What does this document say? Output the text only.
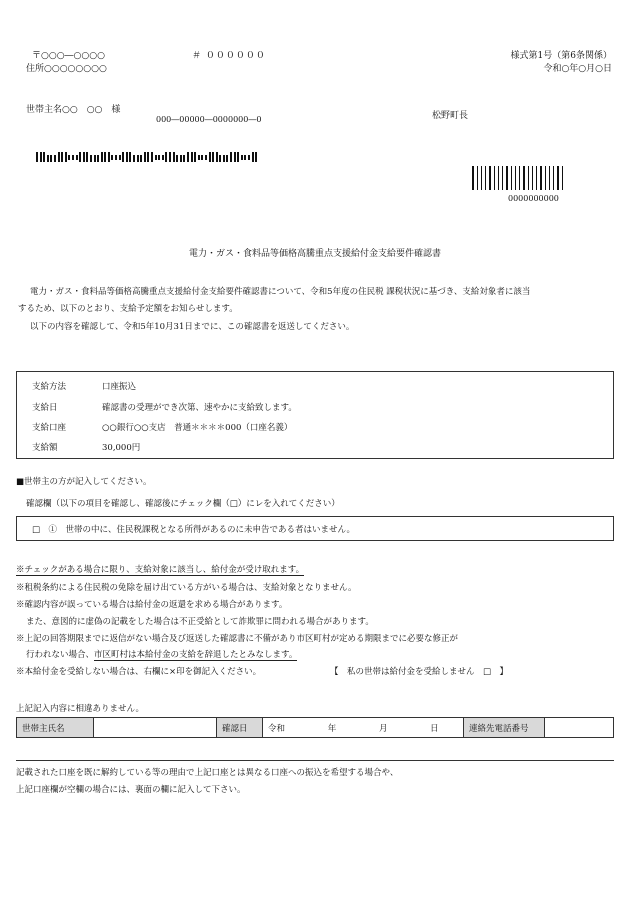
〒○○○―○○○○
住所○○○○○○○○
＃ ００００００	様式第1号（第6条関係）
令和○年○月○日
世帯主名○○　○○　様
000―00000―0000000―0	松野町長
0000000000
電力・ガス・食料品等価格高騰重点支援給付金支給要件確認書
電力・ガス・食料品等価格高騰重点支援給付金支給要件確認書について、令和5年度の住民税 課税状況に基づき、支給対象者に該当
するため、以下のとおり、支給予定額をお知らせします。
以下の内容を確認して、令和5年10月31日までに、この確認書を返送してください。
支給方法	口座振込
支給日	確認書の受理ができ次第、速やかに支給致します。
支給口座	○○銀行○○支店　普通＊＊＊＊000（口座名義）
支給額	30,000円
■世帯主の方が記入してください。
確認欄（以下の項目を確認し、確認後にチェック欄（□）にレを入れてください）
□　①　世帯の中に、住民税課税となる所得があるのに未申告である者はいません。
※チェックがある場合に限り、支給対象に該当し、給付金が受け取れます。
※租税条約による住民税の免除を届け出ている方がいる場合は、支給対象となりません。
※確認内容が誤っている場合は給付金の返還を求める場合があります。
また、意図的に虚偽の記載をした場合は不正受給として詐欺罪に問われる場合があります。
※上記の回答期限までに返信がない場合及び返送した確認書に不備があり市区町村が定める期限までに必要な修正が
行われない場合、市区町村は本給付金の支給を辞退したとみなします。
※本給付金を受給しない場合は、右欄に×印を御記入ください。	【　私の世帯は給付金を受給しません　□　】
上記記入内容に相違ありません。
世帯主氏名		確認日	令和	年	月	日	連絡先電話番号	
記載された口座を既に解約している等の理由で上記口座とは異なる口座への振込を希望する場合や、
上記口座欄が空欄の場合には、裏面の欄に記入して下さい。
